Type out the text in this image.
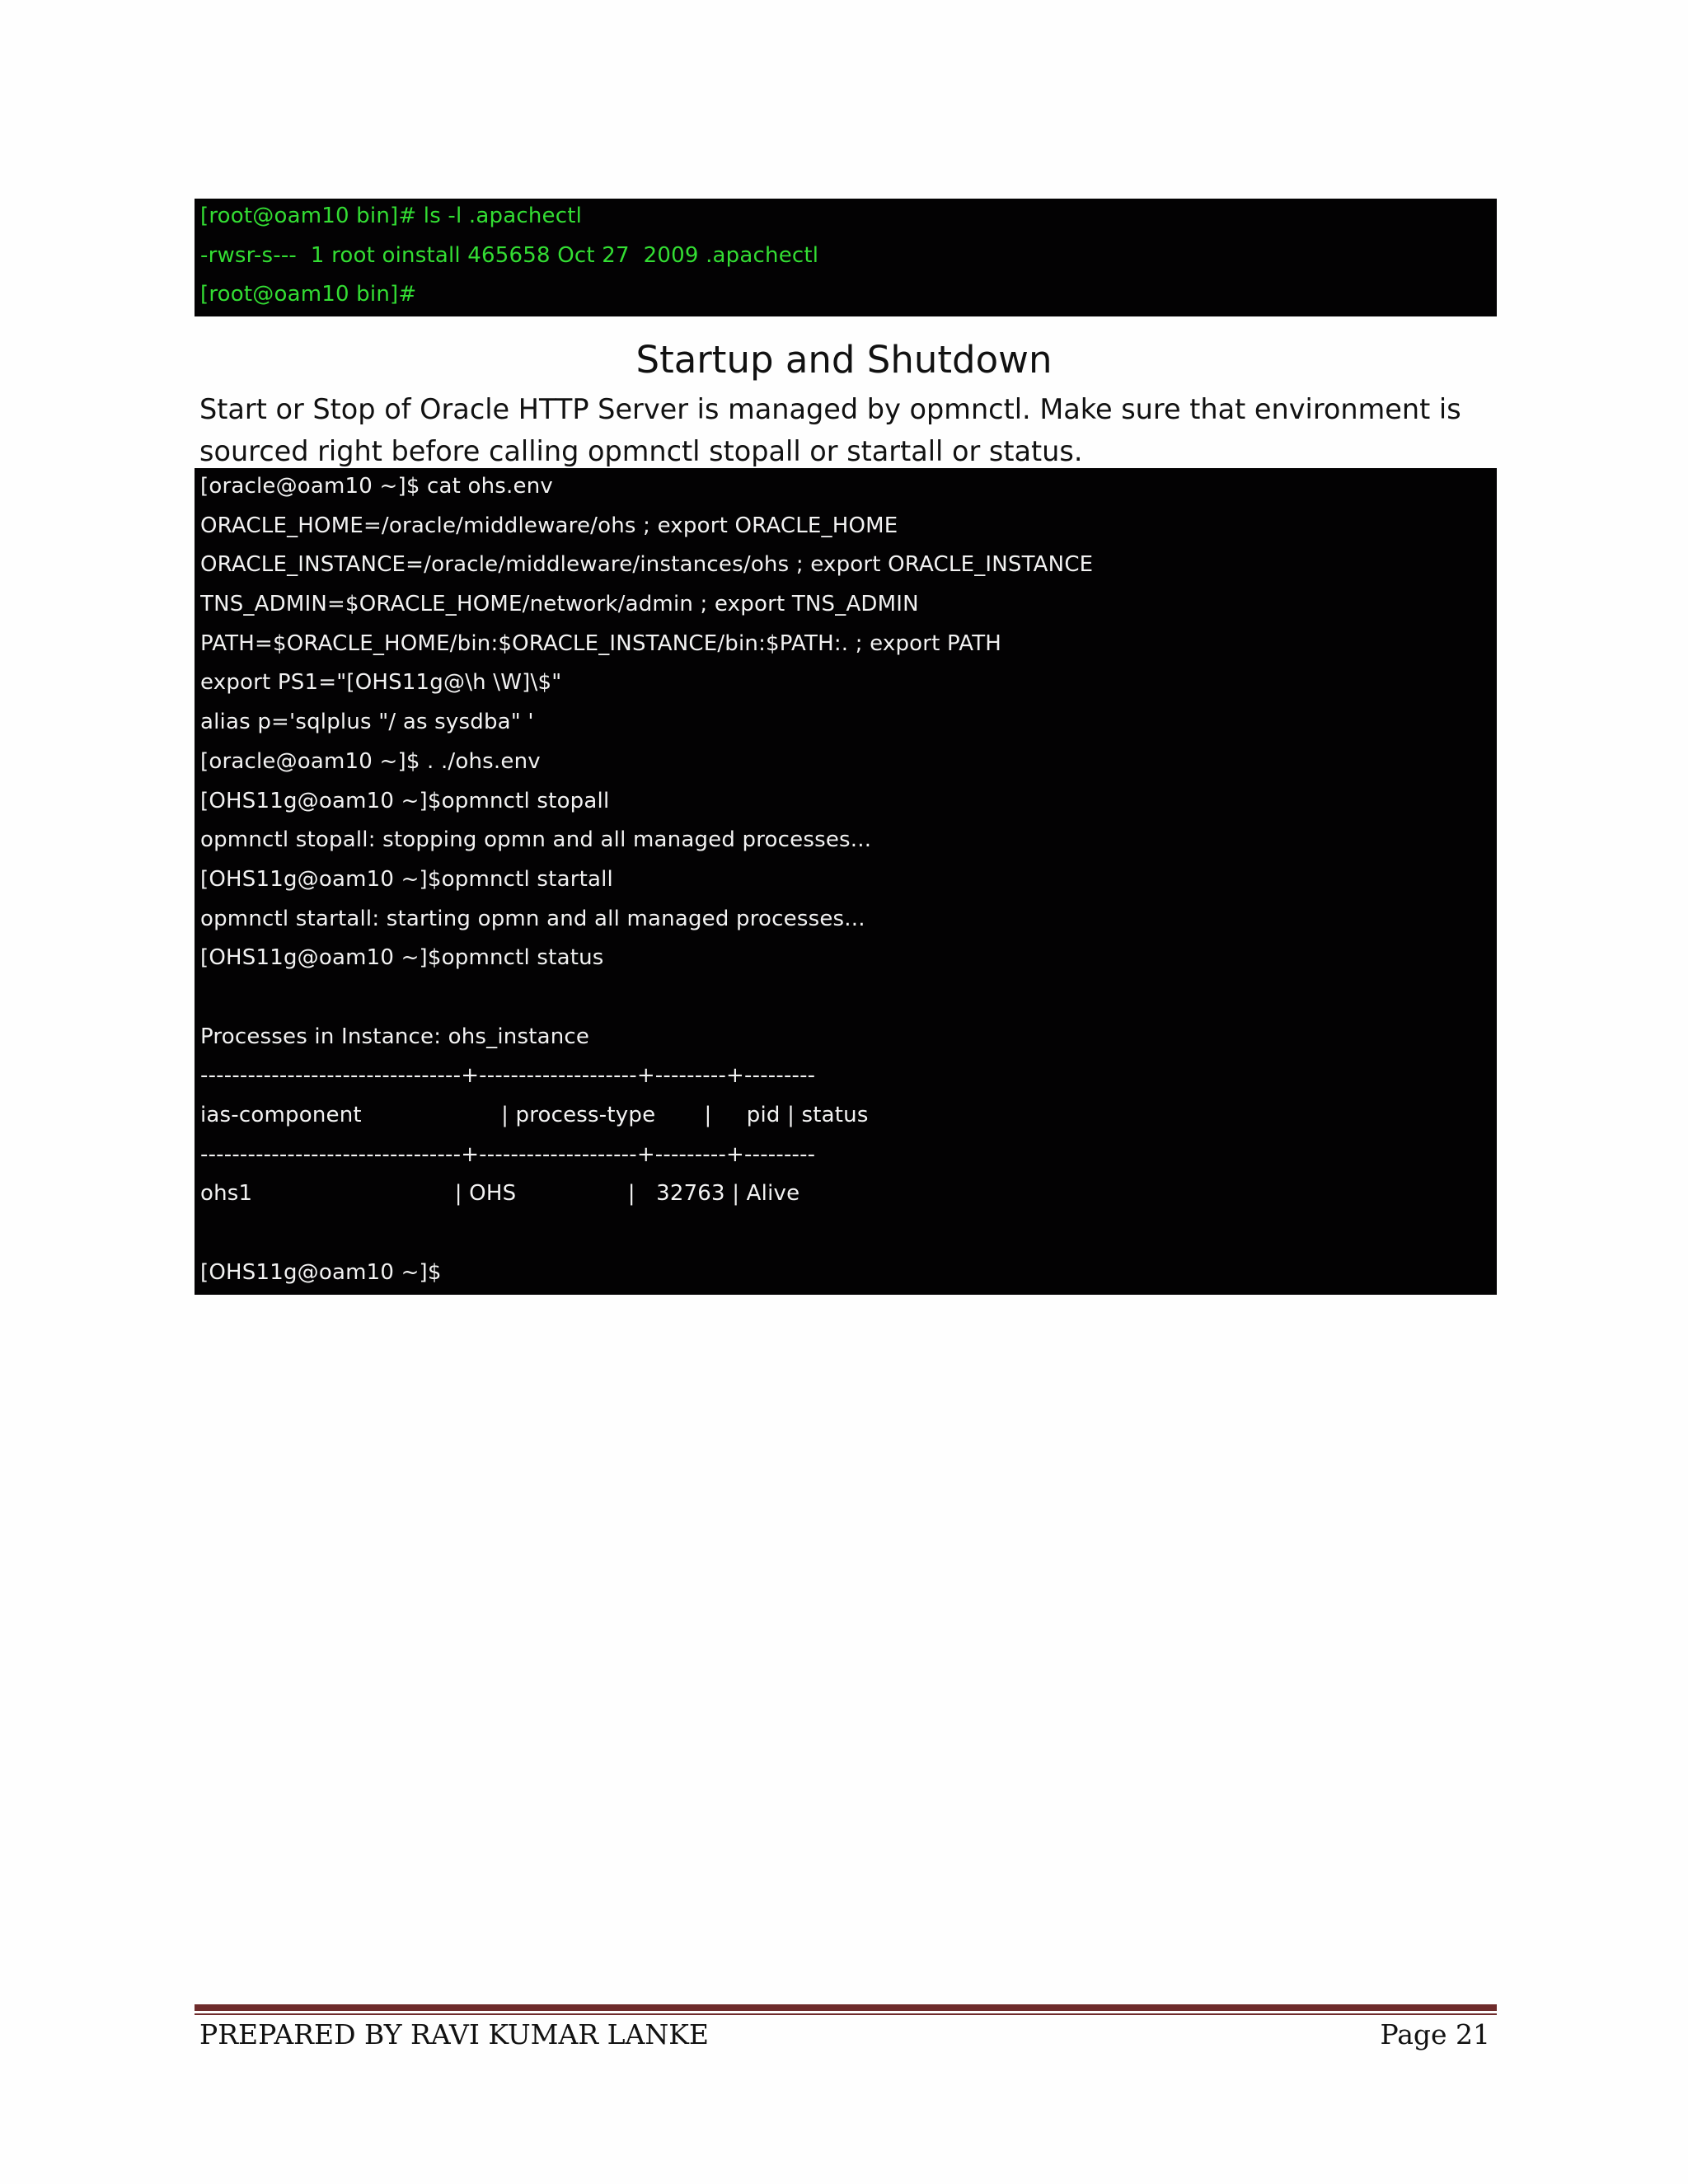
[root@oam10 bin]# ls -l .apachectl
-rwsr-s---  1 root oinstall 465658 Oct 27  2009 .apachectl
[root@oam10 bin]#
Startup and Shutdown
Start or Stop of Oracle HTTP Server is managed by opmnctl. Make sure that environment is
sourced right before calling opmnctl stopall or startall or status.
[oracle@oam10 ~]$ cat ohs.env
ORACLE_HOME=/oracle/middleware/ohs ; export ORACLE_HOME
ORACLE_INSTANCE=/oracle/middleware/instances/ohs ; export ORACLE_INSTANCE
TNS_ADMIN=$ORACLE_HOME/network/admin ; export TNS_ADMIN
PATH=$ORACLE_HOME/bin:$ORACLE_INSTANCE/bin:$PATH:. ; export PATH
export PS1="[OHS11g@\h \W]\$"
alias p='sqlplus "/ as sysdba" '
[oracle@oam10 ~]$ . ./ohs.env
[OHS11g@oam10 ~]$opmnctl stopall
opmnctl stopall: stopping opmn and all managed processes...
[OHS11g@oam10 ~]$opmnctl startall
opmnctl startall: starting opmn and all managed processes...
[OHS11g@oam10 ~]$opmnctl status
Processes in Instance: ohs_instance
---------------------------------+--------------------+---------+---------
ias-component                    | process-type       |     pid | status
---------------------------------+--------------------+---------+---------
ohs1                             | OHS                |   32763 | Alive
[OHS11g@oam10 ~]$
PREPARED BY RAVI KUMAR LANKE	Page 21
